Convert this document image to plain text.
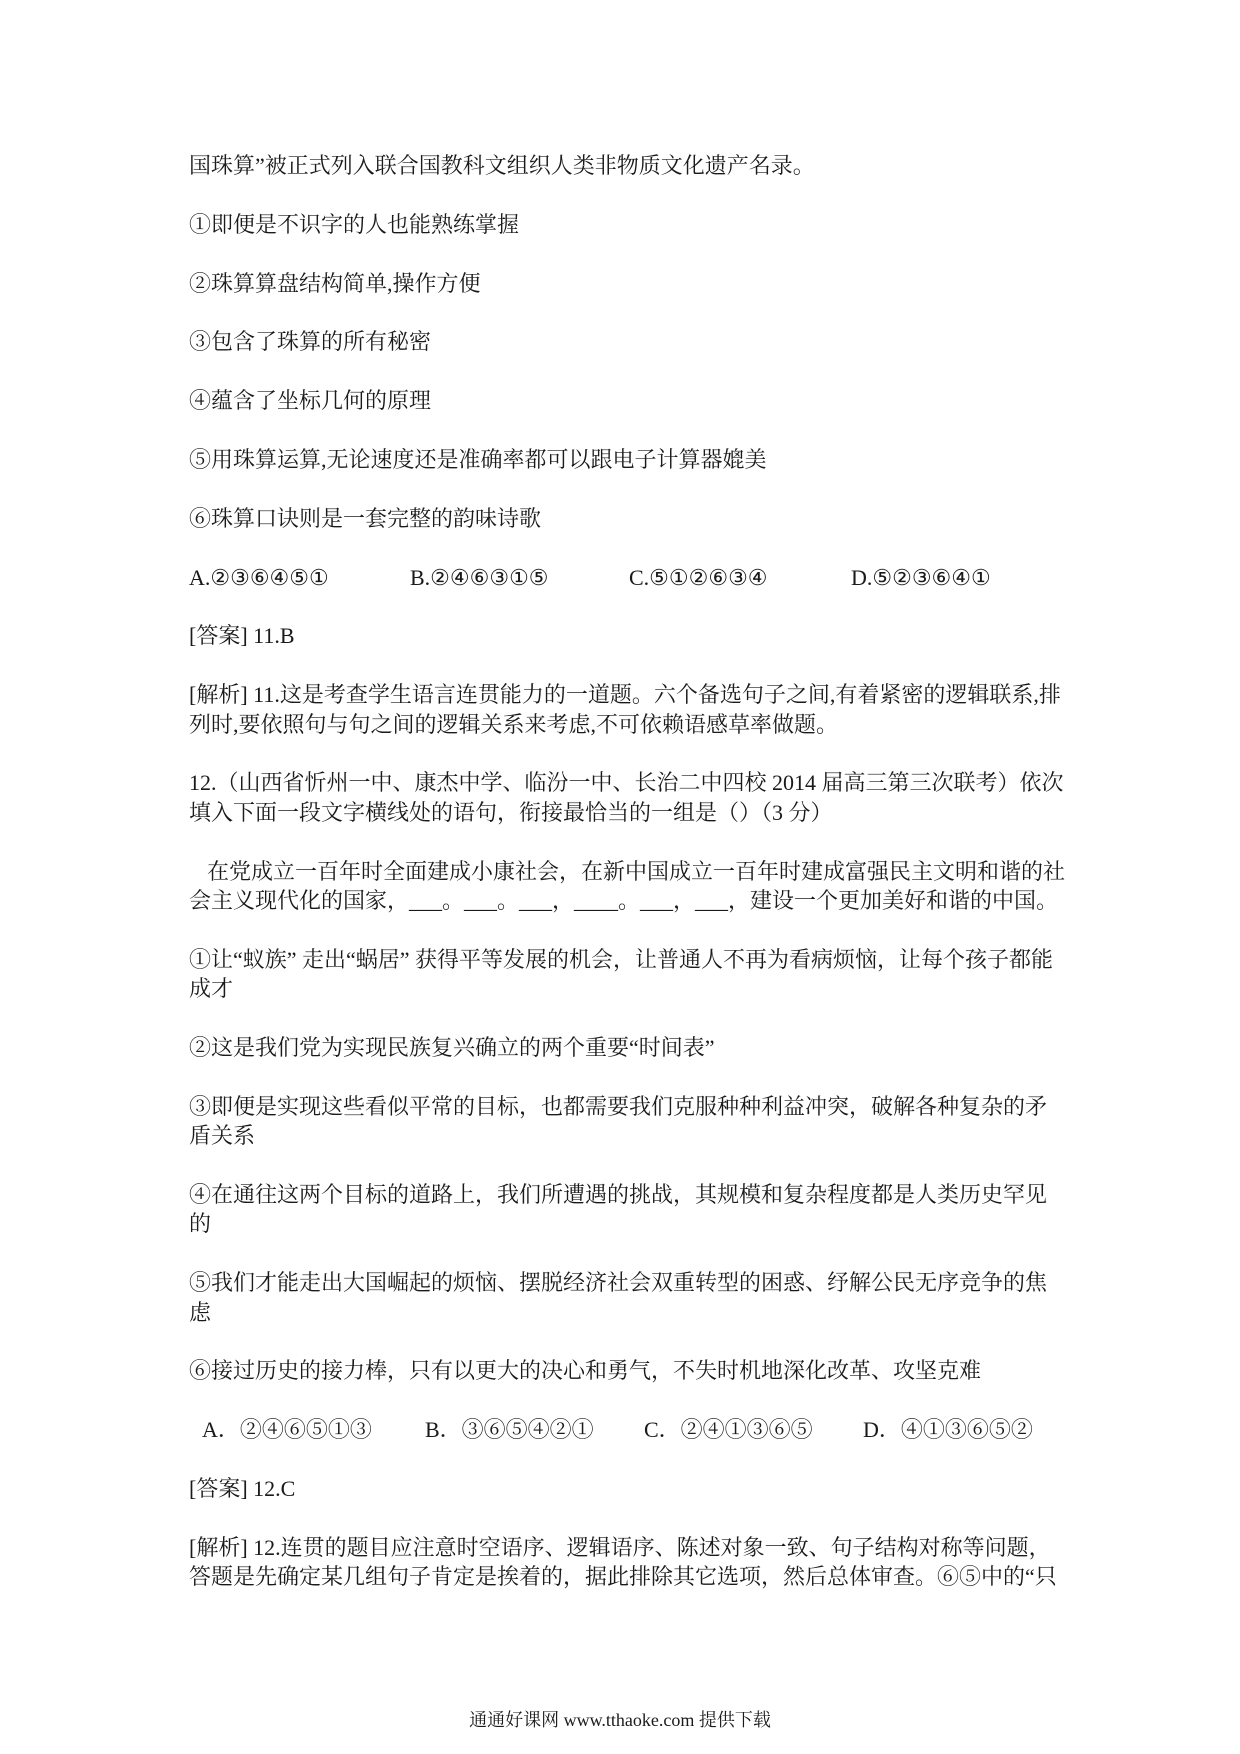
国珠算”被正式列入联合国教科文组织人类非物质文化遗产名录。

①即便是不识字的人也能熟练掌握

②珠算算盘结构简单,操作方便

③包含了珠算的所有秘密

④蕴含了坐标几何的原理

⑤用珠算运算,无论速度还是准确率都可以跟电子计算器媲美

⑥珠算口诀则是一套完整的韵味诗歌

A.②③⑥④⑤①	B.②④⑥③①⑤	C.⑤①②⑥③④	D.⑤②③⑥④①

[答案] 11.B

[解析] 11.这是考查学生语言连贯能力的一道题。六个备选句子之间,有着紧密的逻辑联系,排
列时,要依照句与句之间的逻辑关系来考虑,不可依赖语感草率做题。

12.（山西省忻州一中、康杰中学、临汾一中、长治二中四校 2014 届高三第三次联考）依次
填入下面一段文字横线处的语句，衔接最恰当的一组是（）（3 分）

在党成立一百年时全面建成小康社会，在新中国成立一百年时建成富强民主文明和谐的社
会主义现代化的国家，___。___。___，____。___，___，建设一个更加美好和谐的中国。

①让“蚁族” 走出“蜗居” 获得平等发展的机会，让普通人不再为看病烦恼，让每个孩子都能
成才

②这是我们党为实现民族复兴确立的两个重要“时间表”

③即便是实现这些看似平常的目标，也都需要我们克服种种利益冲突，破解各种复杂的矛
盾关系

④在通往这两个目标的道路上，我们所遭遇的挑战，其规模和复杂程度都是人类历史罕见
的

⑤我们才能走出大国崛起的烦恼、摆脱经济社会双重转型的困惑、纾解公民无序竞争的焦
虑

⑥接过历史的接力棒，只有以更大的决心和勇气，不失时机地深化改革、攻坚克难

A．②④⑥⑤①③ B．③⑥⑤④②① C．②④①③⑥⑤ D．④①③⑥⑤②

[答案] 12.C

[解析] 12.连贯的题目应注意时空语序、逻辑语序、陈述对象一致、句子结构对称等问题，
答题是先确定某几组句子肯定是挨着的，据此排除其它选项，然后总体审查。⑥⑤中的“只

通通好课网 www.tthaoke.com 提供下载
